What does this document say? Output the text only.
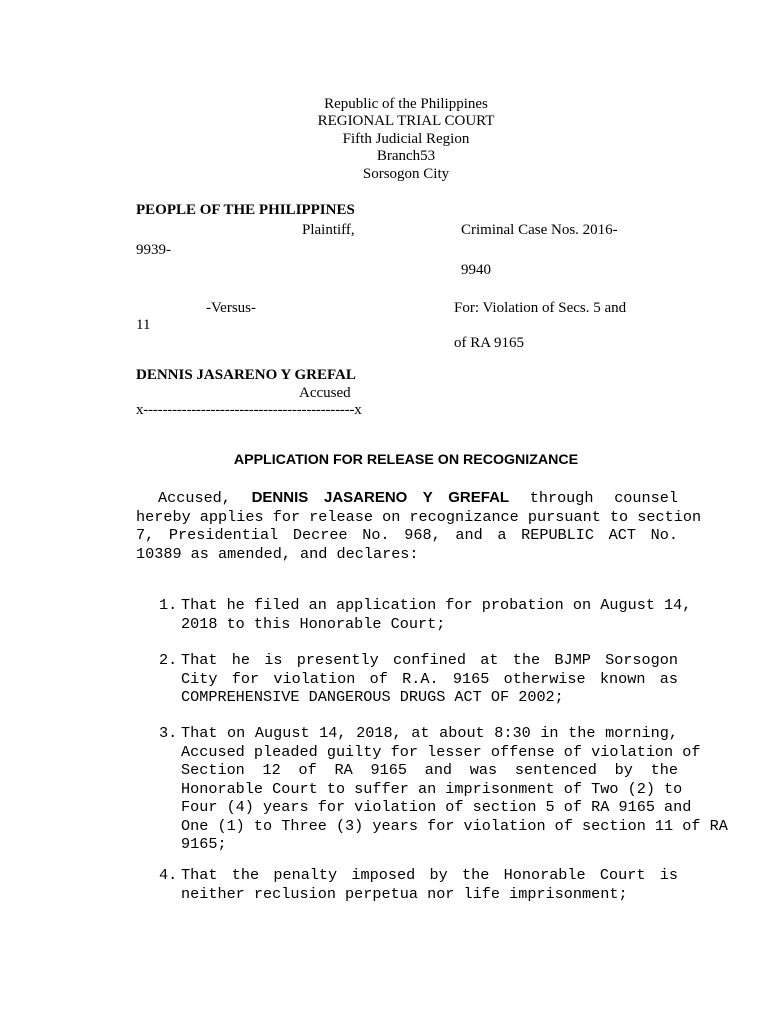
Republic of the Philippines
REGIONAL TRIAL COURT
Fifth Judicial Region
Branch53
Sorsogon City
PEOPLE OF THE PHILIPPINES
Plaintiff,	Criminal Case Nos. 2016-
9939-
9940
-Versus-	For: Violation of Secs. 5 and
11
of RA 9165
DENNIS JASARENO Y GREFAL
Accused
x--------------------------------------------x
APPLICATION FOR RELEASE ON RECOGNIZANCE
Accused, DENNIS JASARENO Y GREFAL through counsel
hereby applies for release on recognizance pursuant to section
7, Presidential Decree No. 968, and a REPUBLIC ACT No.
10389 as amended, and declares:
1. That he filed an application for probation on August 14,
2018 to this Honorable Court;
2. That he is presently confined at the BJMP Sorsogon
City for violation of R.A. 9165 otherwise known as
COMPREHENSIVE DANGEROUS DRUGS ACT OF 2002;
3. That on August 14, 2018, at about 8:30 in the morning,
Accused pleaded guilty for lesser offense of violation of
Section 12 of RA 9165 and was sentenced by the
Honorable Court to suffer an imprisonment of Two (2) to
Four (4) years for violation of section 5 of RA 9165 and
One (1) to Three (3) years for violation of section 11 of RA
9165;
4. That the penalty imposed by the Honorable Court is
neither reclusion perpetua nor life imprisonment;
